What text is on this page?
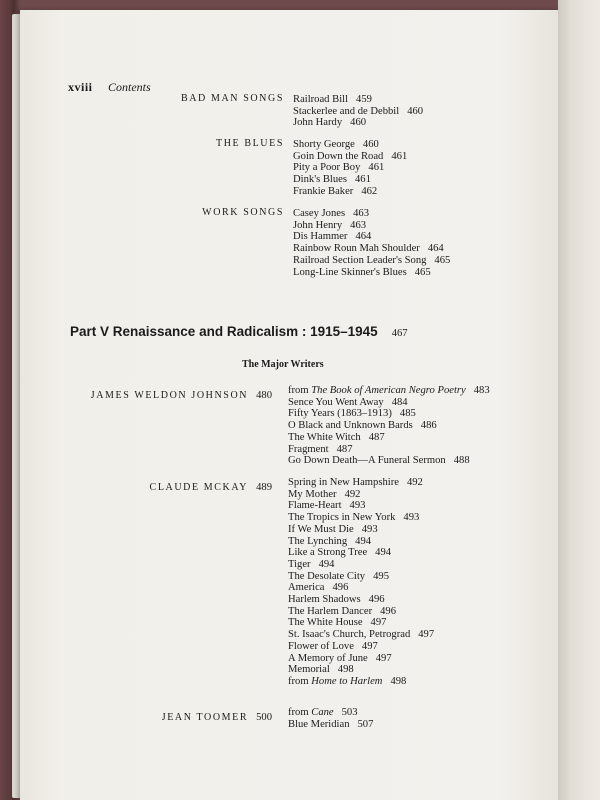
xviii Contents
BAD MAN SONGS Railroad Bill 459
Stackerlee and de Debbil 460
John Hardy 460
THE BLUES Shorty George 460
Goin Down the Road 461
Pity a Poor Boy 461
Dink's Blues 461
Frankie Baker 462
WORK SONGS Casey Jones 463
John Henry 463
Dis Hammer 464
Rainbow Roun Mah Shoulder 464
Railroad Section Leader's Song 465
Long-Line Skinner's Blues 465
Part V Renaissance and Radicalism : 1915–1945 467
The Major Writers
JAMES WELDON JOHNSON 480 from The Book of American Negro Poetry 483
Sence You Went Away 484
Fifty Years (1863–1913) 485
O Black and Unknown Bards 486
The White Witch 487
Fragment 487
Go Down Death—A Funeral Sermon 488
CLAUDE MCKAY 489 Spring in New Hampshire 492
My Mother 492
Flame-Heart 493
The Tropics in New York 493
If We Must Die 493
The Lynching 494
Like a Strong Tree 494
Tiger 494
The Desolate City 495
America 496
Harlem Shadows 496
The Harlem Dancer 496
The White House 497
St. Isaac's Church, Petrograd 497
Flower of Love 497
A Memory of June 497
Memorial 498
from Home to Harlem 498
JEAN TOOMER 500 from Cane 503
Blue Meridian 507
